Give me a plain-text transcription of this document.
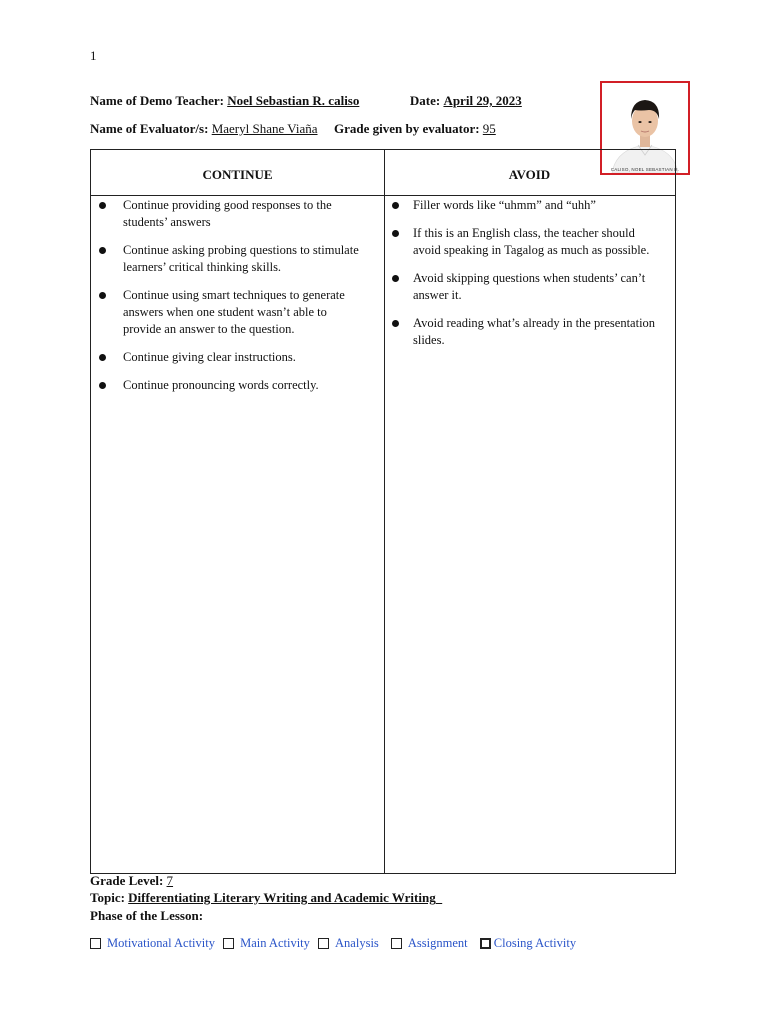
1
Name of Demo Teacher: Noel Sebastian R. caliso	Date: April 29, 2023
Name of Evaluator/s: Maeryl Shane Viaña Grade given by evaluator: 95
CALISO, NOEL SEBASTIAN R.
CONTINUE	AVOID
Continue providing good responses to the students’ answers
Continue asking probing questions to stimulate learners’ critical thinking skills.
Continue using smart techniques to generate answers when one student wasn’t able to provide an answer to the question.
Continue giving clear instructions.
Continue pronouncing words correctly.
Filler words like “uhmm” and “uhh”
If this is an English class, the teacher should avoid speaking in Tagalog as much as possible.
Avoid skipping questions when students’ can’t answer it.
Avoid reading what’s already in the presentation slides.
Grade Level: 7
Topic: Differentiating Literary Writing and Academic Writing
Phase of the Lesson:
Motivational Activity
Main Activity
Analysis
Assignment
Closing Activity
